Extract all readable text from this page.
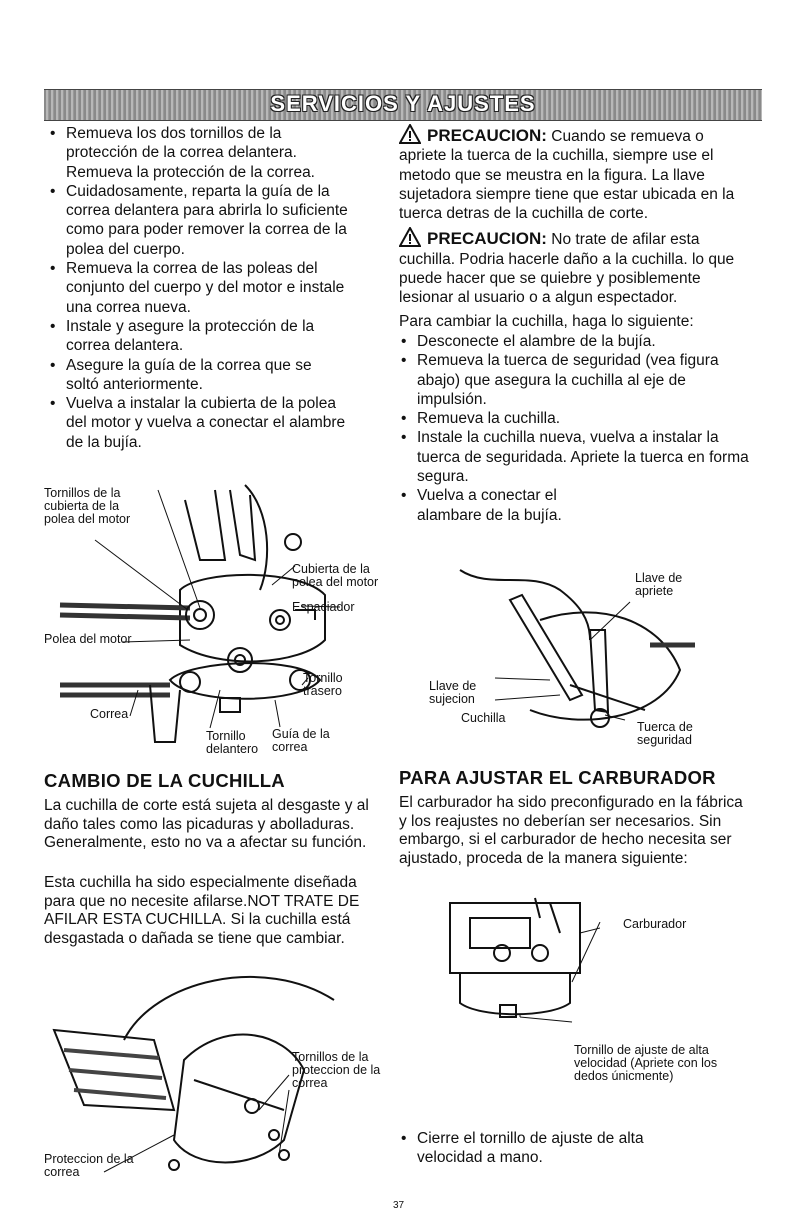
SERVICIOS Y AJUSTES
• Remueva los dos tornillos de la protección de la correa delantera. Remueva la protección de la correa.
• Cuidadosamente, reparta la guía de la correa delantera para abrirla lo suficiente como para poder remover la correa de la polea del cuerpo.
• Remueva la correa de las poleas del conjunto del cuerpo y del motor e instale una correa nueva.
• Instale y asegure la protección de la correa delantera.
• Asegure la guía de la correa que se soltó anteriormente.
• Vuelva a instalar la cubierta de la polea del motor y vuelva a conectar el alambre de la bujía.
Tornillos de la cubierta de la polea del motor
Cubierta de la polea del motor
Espaciador
Polea del motor
Correa
Tornillo trasero
Tornillo delantero
Guía de la correa
CAMBIO DE LA CUCHILLA
La cuchilla de corte está sujeta al desgaste y al daño tales como las picaduras y abolladuras. Generalmente, esto no va a afectar su función.
Esta cuchilla ha sido especialmente diseñada para que no necesite afilarse.NOT TRATE DE AFILAR ESTA CUCHILLA. Si la cuchilla está desgastada o dañada se tiene que cambiar.
Tornillos de la proteccion de la correa
Proteccion de la correa
PRECAUCION: Cuando se remueva o apriete la tuerca de la cuchilla, siempre use el metodo que se meustra en la figura. La llave sujetadora siempre tiene que estar ubicada en la tuerca detras de la cuchilla de corte.
PRECAUCION: No trate de afilar esta cuchilla. Podria hacerle daño a la cuchilla. lo que puede hacer que se quiebre y posiblemente lesionar al usuario o a algun espectador.
Para cambiar la cuchilla, haga lo siguiente:
• Desconecte el alambre de la bujía.
• Remueva la tuerca de seguridad (vea figura abajo) que asegura la cuchilla al eje de impulsión.
• Remueva la cuchilla.
• Instale la cuchilla nueva, vuelva a instalar la tuerca de seguridada. Apriete la tuerca en forma segura.
• Vuelva a conectar el alambare de la bujía.
Llave de apriete
Llave de sujecion
Cuchilla
Tuerca de seguridad
PARA AJUSTAR EL CARBURADOR
El carburador ha sido preconfigurado en la fábrica y los reajustes no deberían ser necesarios. Sin embargo, si el carburador de hecho necesita ser ajustado, proceda de la manera siguiente:
Carburador
Tornillo de ajuste de alta velocidad (Apriete con los dedos únicmente)
• Cierre el tornillo de ajuste de alta velocidad a mano.
37
